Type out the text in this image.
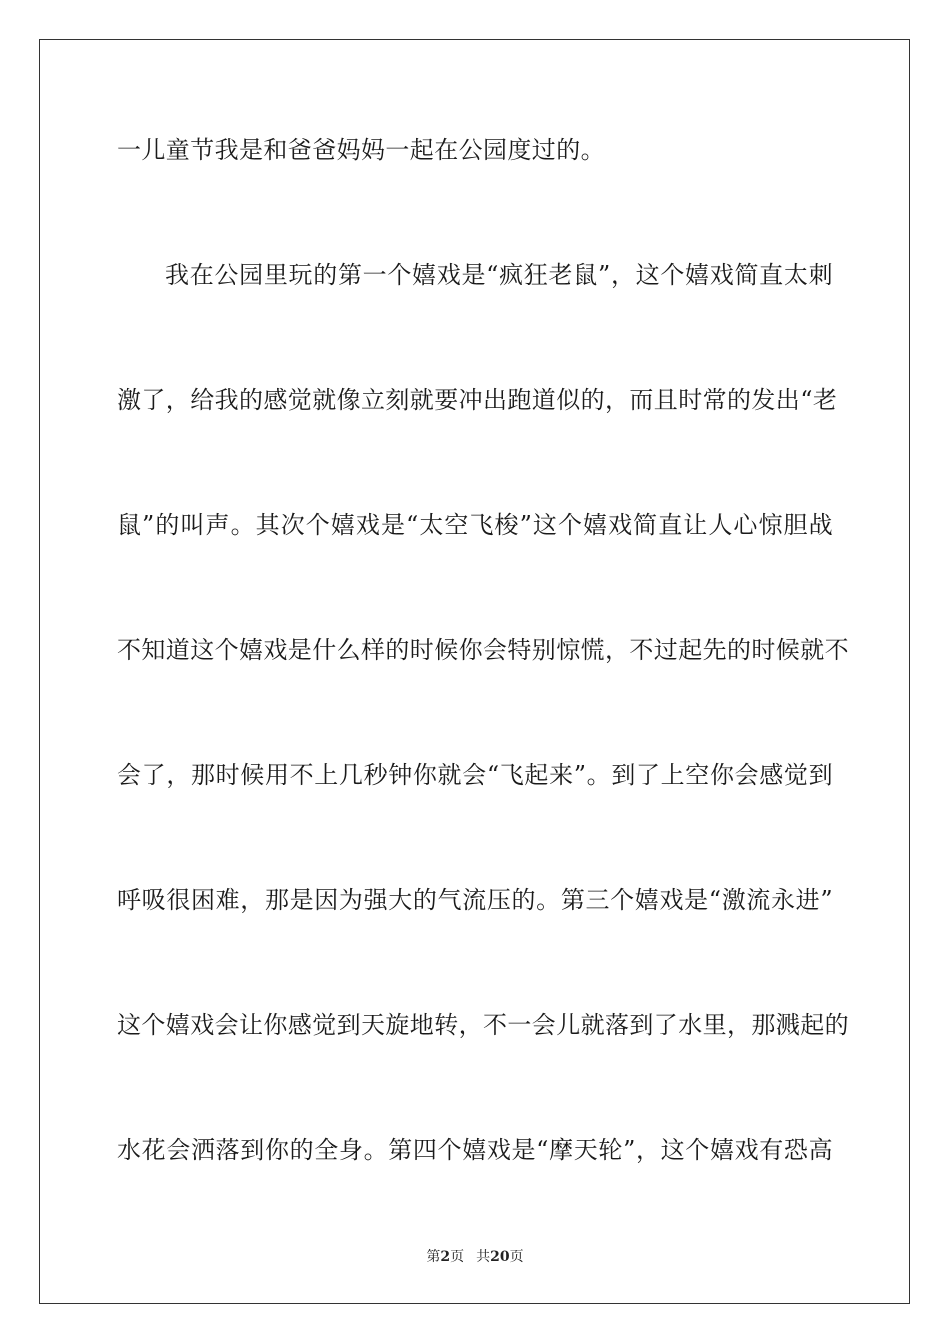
一儿童节我是和爸爸妈妈一起在公园度过的。
我在公园里玩的第一个嬉戏是“疯狂老鼠”，这个嬉戏简直太刺
激了，给我的感觉就像立刻就要冲出跑道似的，而且时常的发出“老
鼠”的叫声。其次个嬉戏是“太空飞梭”这个嬉戏简直让人心惊胆战
不知道这个嬉戏是什么样的时候你会特别惊慌，不过起先的时候就不
会了，那时候用不上几秒钟你就会“飞起来”。到了上空你会感觉到
呼吸很困难，那是因为强大的气流压的。第三个嬉戏是“激流永进”
这个嬉戏会让你感觉到天旋地转，不一会儿就落到了水里，那溅起的
水花会洒落到你的全身。第四个嬉戏是“摩天轮”，这个嬉戏有恐高
第2页 共20页
